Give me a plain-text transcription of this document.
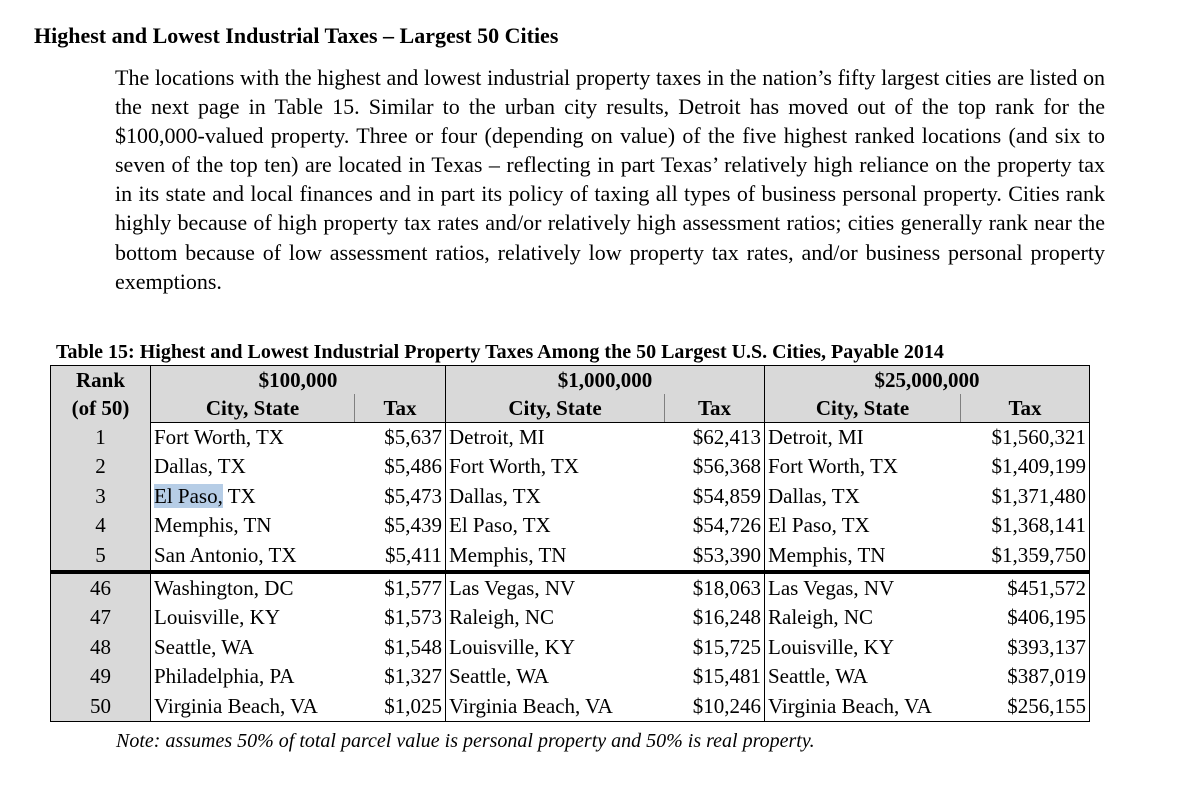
Highest and Lowest Industrial Taxes – Largest 50 Cities

The locations with the highest and lowest industrial property taxes in the nation’s fifty largest cities are listed on the next page in Table 15. Similar to the urban city results, Detroit has moved out of the top rank for the $100,000-valued property. Three or four (depending on value) of the five highest ranked locations (and six to seven of the top ten) are located in Texas – reflecting in part Texas’ relatively high reliance on the property tax in its state and local finances and in part its policy of taxing all types of business personal property. Cities rank highly because of high property tax rates and/or relatively high assessment ratios; cities generally rank near the bottom because of low assessment ratios, relatively low property tax rates, and/or business personal property exemptions.

Table 15: Highest and Lowest Industrial Property Taxes Among the 50 Largest U.S. Cities, Payable 2014

Rank
(of 50)	$100,000		$1,000,000		$25,000,000	
	City, State	Tax	City, State	Tax	City, State	Tax
1	Fort Worth, TX	$5,637	Detroit, MI	$62,413	Detroit, MI	$1,560,321
2	Dallas, TX	$5,486	Fort Worth, TX	$56,368	Fort Worth, TX	$1,409,199
3	El Paso, TX	$5,473	Dallas, TX	$54,859	Dallas, TX	$1,371,480
4	Memphis, TN	$5,439	El Paso, TX	$54,726	El Paso, TX	$1,368,141
5	San Antonio, TX	$5,411	Memphis, TN	$53,390	Memphis, TN	$1,359,750
46	Washington, DC	$1,577	Las Vegas, NV	$18,063	Las Vegas, NV	$451,572
47	Louisville, KY	$1,573	Raleigh, NC	$16,248	Raleigh, NC	$406,195
48	Seattle, WA	$1,548	Louisville, KY	$15,725	Louisville, KY	$393,137
49	Philadelphia, PA	$1,327	Seattle, WA	$15,481	Seattle, WA	$387,019
50	Virginia Beach, VA	$1,025	Virginia Beach, VA	$10,246	Virginia Beach, VA	$256,155

Note: assumes 50% of total parcel value is personal property and 50% is real property.
